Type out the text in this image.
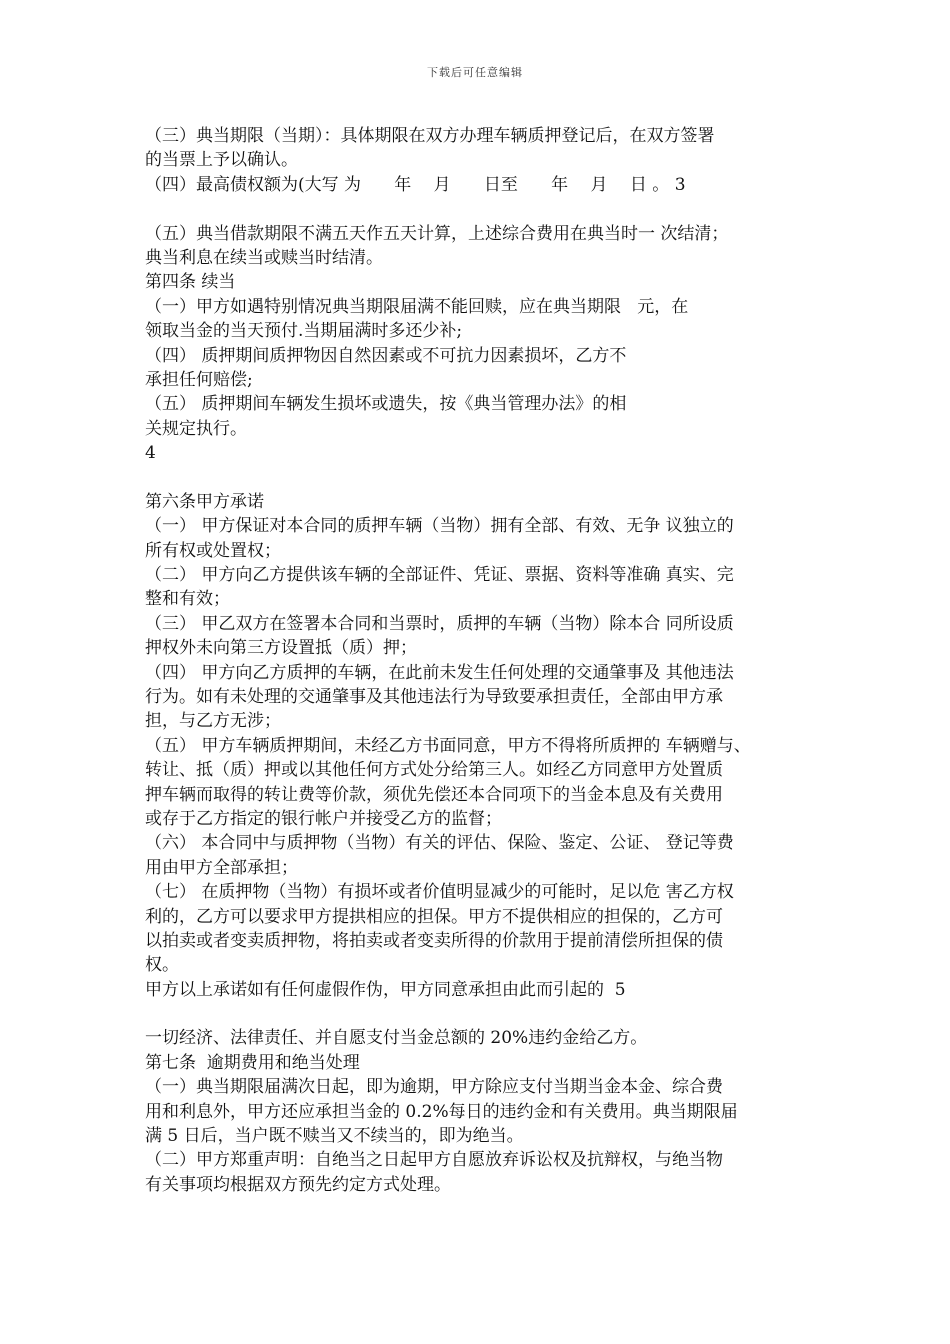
下载后可任意编辑
（三）典当期限（当期）：具体期限在双方办理车辆质押登记后，在双方签署
的当票上予以确认。
（四）最高债权额为(大写 为　   年　 月　   日至　   年　 月　 日 。 3
（五）典当借款期限不满五天作五天计算，上述综合费用在典当时一 次结清；
典当利息在续当或赎当时结清。
第四条 续当
（一）甲方如遇特别情况典当期限届满不能回赎，应在典当期限   元，在
领取当金的当天预付.当期届满时多还少补;
（四） 质押期间质押物因自然因素或不可抗力因素损坏，乙方不
承担任何赔偿;
（五） 质押期间车辆发生损坏或遗失，按《典当管理办法》的相
关规定执行。
4
第六条甲方承诺
（一） 甲方保证对本合同的质押车辆（当物）拥有全部、有效、无争 议独立的
所有权或处置权；
（二） 甲方向乙方提供该车辆的全部证件、凭证、票据、资料等准确 真实、完
整和有效；
（三） 甲乙双方在签署本合同和当票时，质押的车辆（当物）除本合 同所设质
押权外未向第三方设置抵（质）押；
（四） 甲方向乙方质押的车辆，在此前未发生任何处理的交通肇事及 其他违法
行为。如有未处理的交通肇事及其他违法行为导致要承担责任，全部由甲方承
担，与乙方无涉；
（五） 甲方车辆质押期间，未经乙方书面同意，甲方不得将所质押的 车辆赠与、
转让、抵（质）押或以其他任何方式处分给第三人。如经乙方同意甲方处置质
押车辆而取得的转让费等价款，须优先偿还本合同项下的当金本息及有关费用
或存于乙方指定的银行帐户并接受乙方的监督；
（六） 本合同中与质押物（当物）有关的评估、保险、鉴定、公证、 登记等费
用由甲方全部承担；
（七） 在质押物（当物）有损坏或者价值明显减少的可能时，足以危 害乙方权
利的，乙方可以要求甲方提拱相应的担保。甲方不提供相应的担保的，乙方可
以拍卖或者变卖质押物，将拍卖或者变卖所得的价款用于提前清偿所担保的债
权。
甲方以上承诺如有任何虚假作伪，甲方同意承担由此而引起的  5
一切经济、法律责任、并自愿支付当金总额的 20%违约金给乙方。
第七条  逾期费用和绝当处理
（一）典当期限届满次日起，即为逾期，甲方除应支付当期当金本金、综合费
用和利息外，甲方还应承担当金的 0.2%每日的违约金和有关费用。典当期限届
满 5 日后，当户既不赎当又不续当的，即为绝当。
（二）甲方郑重声明：自绝当之日起甲方自愿放弃诉讼权及抗辩权，与绝当物
有关事项均根据双方预先约定方式处理。
